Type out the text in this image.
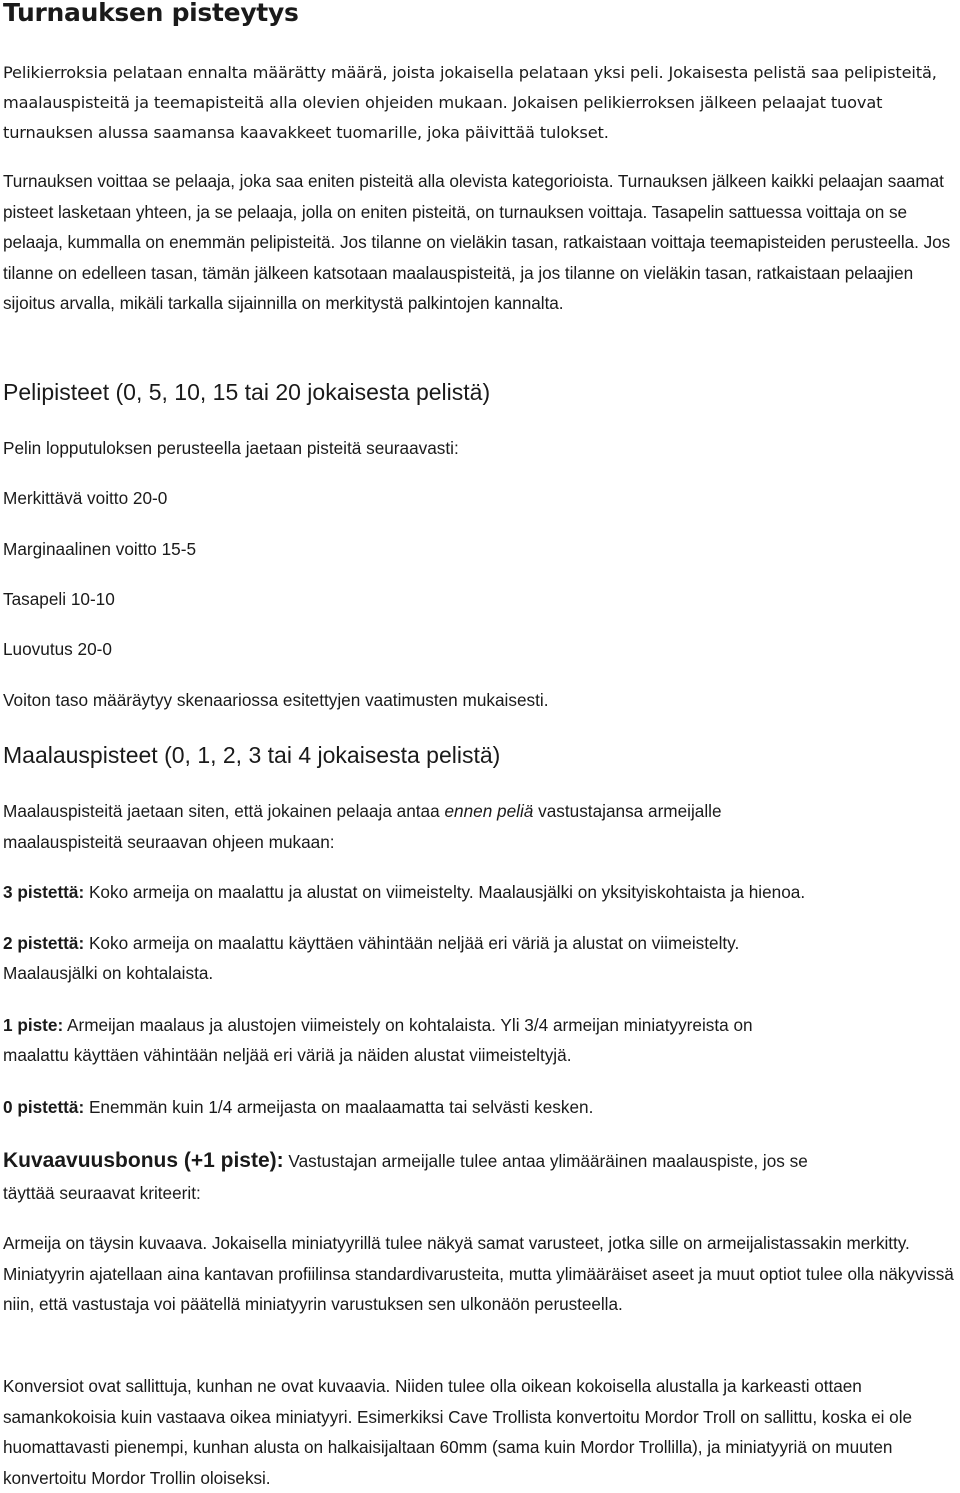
Turnauksen pisteytys

Pelikierroksia pelataan ennalta määrätty määrä, joista jokaisella pelataan yksi peli. Jokaisesta pelistä saa pelipisteitä, maalauspisteitä ja teemapisteitä alla olevien ohjeiden mukaan. Jokaisen pelikierroksen jälkeen pelaajat tuovat turnauksen alussa saamansa kaavakkeet tuomarille, joka päivittää tulokset.

Turnauksen voittaa se pelaaja, joka saa eniten pisteitä alla olevista kategorioista. Turnauksen jälkeen kaikki pelaajan saamat pisteet lasketaan yhteen, ja se pelaaja, jolla on eniten pisteitä, on turnauksen voittaja. Tasapelin sattuessa voittaja on se pelaaja, kummalla on enemmän pelipisteitä. Jos tilanne on vieläkin tasan, ratkaistaan voittaja teemapisteiden perusteella. Jos tilanne on edelleen tasan, tämän jälkeen katsotaan maalauspisteitä, ja jos tilanne on vieläkin tasan, ratkaistaan pelaajien sijoitus arvalla, mikäli tarkalla sijainnilla on merkitystä palkintojen kannalta.

Pelipisteet (0, 5, 10, 15 tai 20 jokaisesta pelistä)
Pelin lopputuloksen perusteella jaetaan pisteitä seuraavasti:
Merkittävä voitto 20-0
Marginaalinen voitto 15-5
Tasapeli 10-10
Luovutus 20-0
Voiton taso määräytyy skenaariossa esitettyjen vaatimusten mukaisesti.
Maalauspisteet (0, 1, 2, 3 tai 4 jokaisesta pelistä)
Maalauspisteitä jaetaan siten, että jokainen pelaaja antaa ennen peliä vastustajansa armeijalle
maalauspisteitä seuraavan ohjeen mukaan:
3 pistettä: Koko armeija on maalattu ja alustat on viimeistelty. Maalausjälki on yksityiskohtaista ja hienoa.
2 pistettä: Koko armeija on maalattu käyttäen vähintään neljää eri väriä ja alustat on viimeistelty.
Maalausjälki on kohtalaista.
1 piste: Armeijan maalaus ja alustojen viimeistely on kohtalaista. Yli 3/4 armeijan miniatyyreista on
maalattu käyttäen vähintään neljää eri väriä ja näiden alustat viimeisteltyjä.
0 pistettä: Enemmän kuin 1/4 armeijasta on maalaamatta tai selvästi kesken.
Kuvaavuusbonus (+1 piste): Vastustajan armeijalle tulee antaa ylimääräinen maalauspiste, jos se
täyttää seuraavat kriteerit:

Armeija on täysin kuvaava. Jokaisella miniatyyrillä tulee näkyä samat varusteet, jotka sille on armeijalistassakin merkitty. Miniatyyrin ajatellaan aina kantavan profiilinsa standardivarusteita, mutta ylimääräiset aseet ja muut optiot tulee olla näkyvissä niin, että vastustaja voi päätellä miniatyyrin varustuksen sen ulkonäön perusteella.

Konversiot ovat sallittuja, kunhan ne ovat kuvaavia. Niiden tulee olla oikean kokoisella alustalla ja karkeasti ottaen samankokoisia kuin vastaava oikea miniatyyri. Esimerkiksi Cave Trollista konvertoitu Mordor Troll on sallittu, koska ei ole huomattavasti pienempi, kunhan alusta on halkaisijaltaan 60mm (sama kuin Mordor Trollilla), ja miniatyyriä on muuten konvertoitu Mordor Trollin oloiseksi.
